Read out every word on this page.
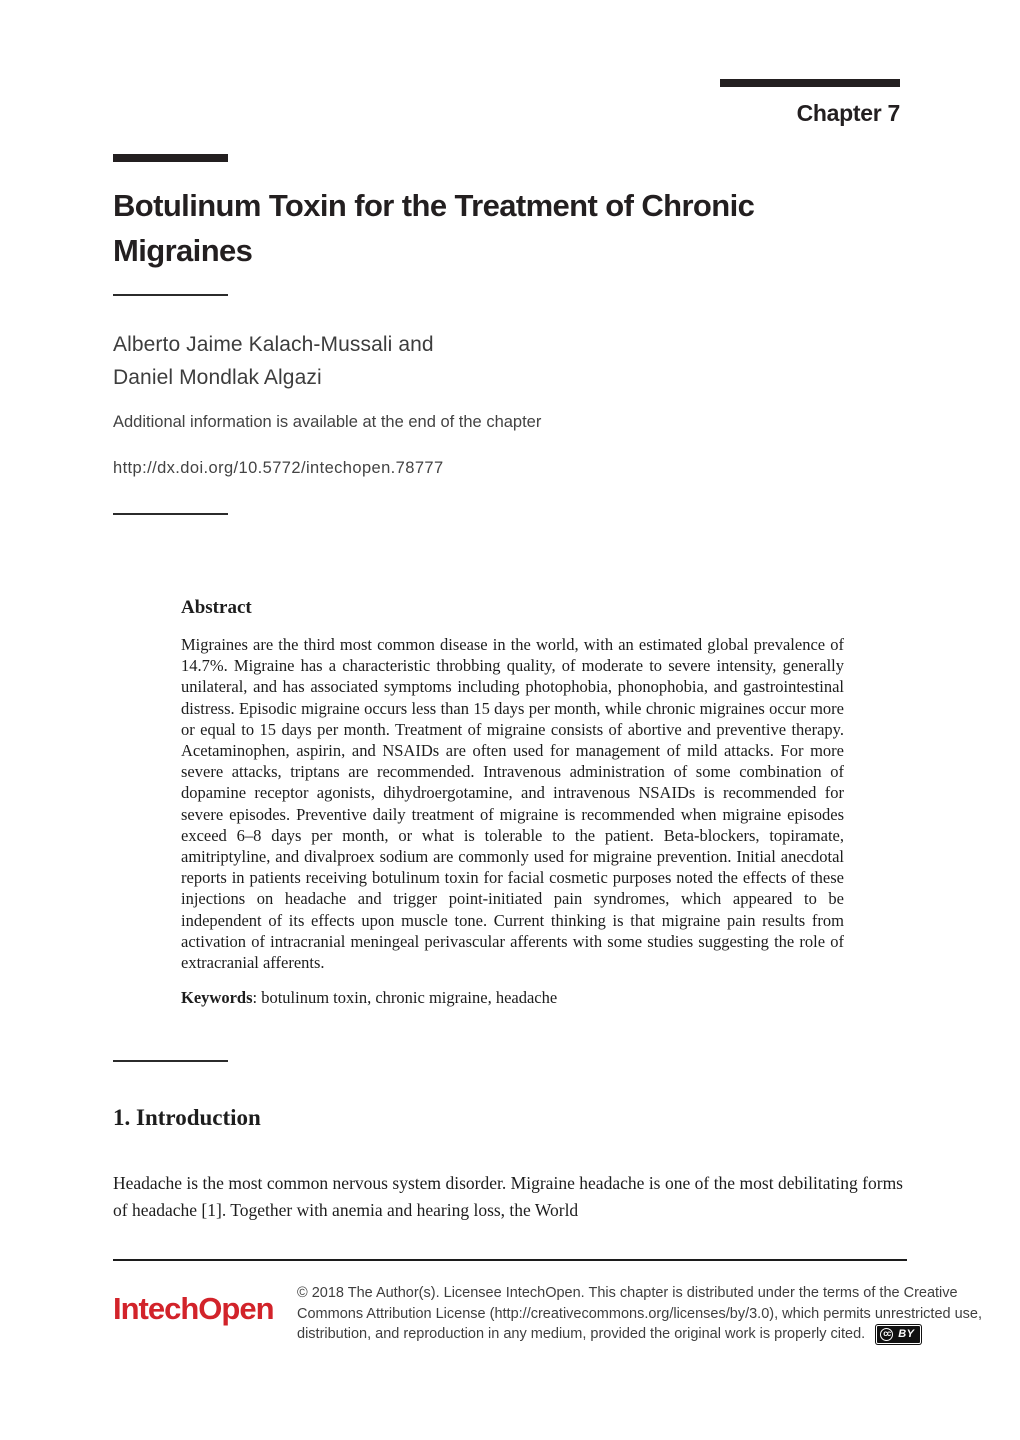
Chapter 7
Botulinum Toxin for the Treatment of Chronic
Migraines
Alberto Jaime Kalach-Mussali and
Daniel Mondlak Algazi
Additional information is available at the end of the chapter
http://dx.doi.org/10.5772/intechopen.78777
Abstract

Migraines are the third most common disease in the world, with an estimated global prevalence of 14.7%. Migraine has a characteristic throbbing quality, of moderate to severe intensity, generally unilateral, and has associated symptoms including photophobia, phonophobia, and gastrointestinal distress. Episodic migraine occurs less than 15 days per month, while chronic migraines occur more or equal to 15 days per month. Treatment of migraine consists of abortive and preventive therapy. Acetaminophen, aspirin, and NSAIDs are often used for management of mild attacks. For more severe attacks, triptans are recommended. Intravenous administration of some combination of dopamine receptor agonists, dihydroergotamine, and intravenous NSAIDs is recommended for severe episodes. Preventive daily treatment of migraine is recommended when migraine episodes exceed 6–8 days per month, or what is tolerable to the patient. Beta-blockers, topiramate, amitriptyline, and divalproex sodium are commonly used for migraine prevention. Initial anecdotal reports in patients receiving botulinum toxin for facial cosmetic purposes noted the effects of these injections on headache and trigger point-initiated pain syndromes, which appeared to be independent of its effects upon muscle tone. Current thinking is that migraine pain results from activation of intracranial meningeal perivascular afferents with some studies suggesting the role of extracranial afferents.

Keywords: botulinum toxin, chronic migraine, headache

1. Introduction

Headache is the most common nervous system disorder. Migraine headache is one of the most debilitating forms of headache [1]. Together with anemia and hearing loss, the World

IntechOpen © 2018 The Author(s). Licensee IntechOpen. This chapter is distributed under the terms of the Creative
Commons Attribution License (http://creativecommons.org/licenses/by/3.0), which permits unrestricted use,
distribution, and reproduction in any medium, provided the original work is properly cited.	cc BY
